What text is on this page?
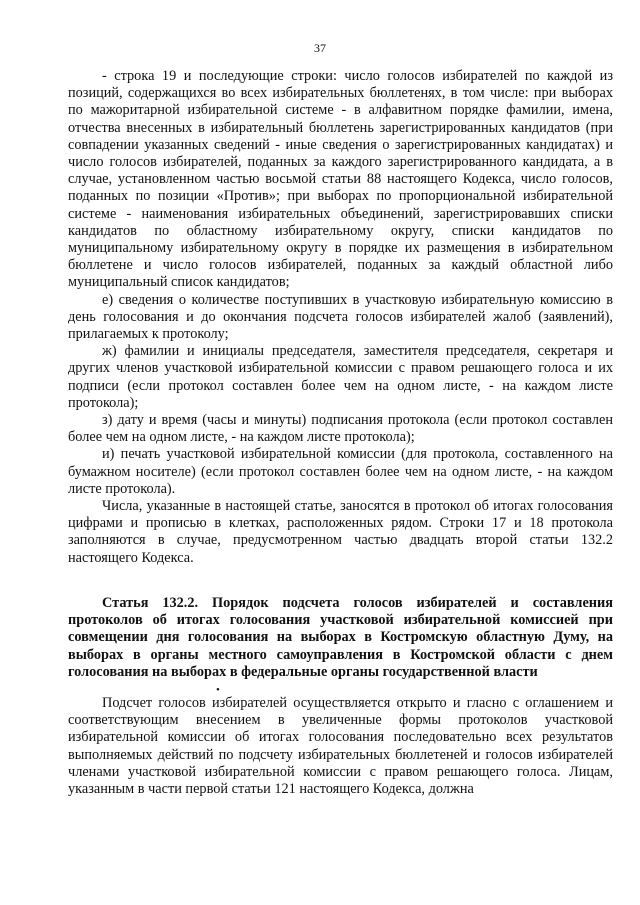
37

- строка 19 и последующие строки: число голосов избирателей по каждой из позиций, содержащихся во всех избирательных бюллетенях, в том числе: при выборах по мажоритарной избирательной системе - в алфавитном порядке фамилии, имена, отчества внесенных в избирательный бюллетень зарегистрированных кандидатов (при совпадении указанных сведений - иные сведения о зарегистрированных кандидатах) и число голосов избирателей, поданных за каждого зарегистрированного кандидата, а в случае, установленном частью восьмой статьи 88 настоящего Кодекса, число голосов, поданных по позиции «Против»; при выборах по пропорциональной избирательной системе - наименования избирательных объединений, зарегистрировавших списки кандидатов по областному избирательному округу, списки кандидатов по муниципальному избирательному округу в порядке их размещения в избирательном бюллетене и число голосов избирателей, поданных за каждый областной либо муниципальный список кандидатов;

е) сведения о количестве поступивших в участковую избирательную комиссию в день голосования и до окончания подсчета голосов избирателей жалоб (заявлений), прилагаемых к протоколу;

ж) фамилии и инициалы председателя, заместителя председателя, секретаря и других членов участковой избирательной комиссии с правом решающего голоса и их подписи (если протокол составлен более чем на одном листе, - на каждом листе протокола);

з) дату и время (часы и минуты) подписания протокола (если протокол составлен более чем на одном листе, - на каждом листе протокола);

и) печать участковой избирательной комиссии (для протокола, составленного на бумажном носителе) (если протокол составлен более чем на одном листе, - на каждом листе протокола).

Числа, указанные в настоящей статье, заносятся в протокол об итогах голосования цифрами и прописью в клетках, расположенных рядом. Строки 17 и 18 протокола заполняются в случае, предусмотренном частью двадцать второй статьи 132.2 настоящего Кодекса.

Статья 132.2. Порядок подсчета голосов избирателей и составления протоколов об итогах голосования участковой избирательной комиссией при совмещении дня голосования на выборах в Костромскую областную Думу, на выборах в органы местного самоуправления в Костромской области с днем голосования на выборах в федеральные органы государственной власти
•

Подсчет голосов избирателей осуществляется открыто и гласно с оглашением и соответствующим внесением в увеличенные формы протоколов участковой избирательной комиссии об итогах голосования последовательно всех результатов выполняемых действий по подсчету избирательных бюллетеней и голосов избирателей членами участковой избирательной комиссии с правом решающего голоса. Лицам, указанным в части первой статьи 121 настоящего Кодекса, должна
